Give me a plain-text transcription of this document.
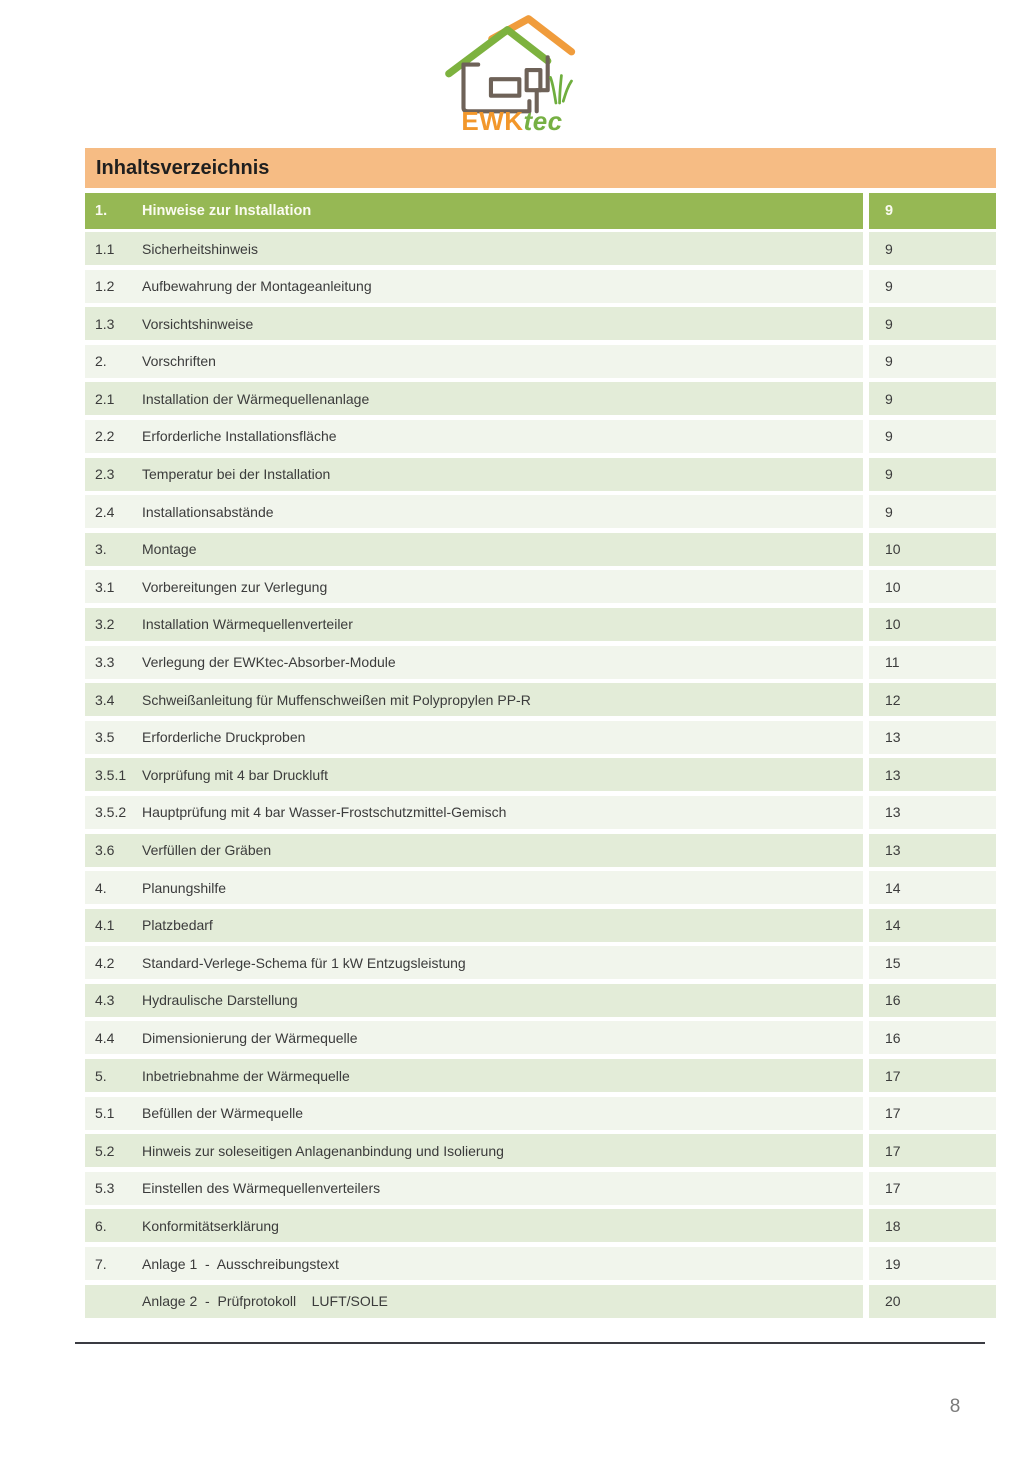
EWKtec
Inhaltsverzeichnis
1.	Hinweise zur Installation	9
1.1	Sicherheitshinweis	9
1.2	Aufbewahrung der Montageanleitung	9
1.3	Vorsichtshinweise	9
2.	Vorschriften	9
2.1	Installation der Wärmequellenanlage	9
2.2	Erforderliche Installationsfläche	9
2.3	Temperatur bei der Installation	9
2.4	Installationsabstände	9
3.	Montage	10
3.1	Vorbereitungen zur Verlegung	10
3.2	Installation Wärmequellenverteiler	10
3.3	Verlegung der EWKtec-Absorber-Module	11
3.4	Schweißanleitung für Muffenschweißen mit Polypropylen PP-R	12
3.5	Erforderliche Druckproben	13
3.5.1	Vorprüfung mit 4 bar Druckluft	13
3.5.2	Hauptprüfung mit 4 bar Wasser-Frostschutzmittel-Gemisch	13
3.6	Verfüllen der Gräben	13
4.	Planungshilfe	14
4.1	Platzbedarf	14
4.2	Standard-Verlege-Schema für 1 kW Entzugsleistung	15
4.3	Hydraulische Darstellung	16
4.4	Dimensionierung der Wärmequelle	16
5.	Inbetriebnahme der Wärmequelle	17
5.1	Befüllen der Wärmequelle	17
5.2	Hinweis zur soleseitigen Anlagenanbindung und Isolierung	17
5.3	Einstellen des Wärmequellenverteilers	17
6.	Konformitätserklärung	18
7.	Anlage 1  -  Ausschreibungstext	19
Anlage 2  -  Prüfprotokoll    LUFT/SOLE	20
8
